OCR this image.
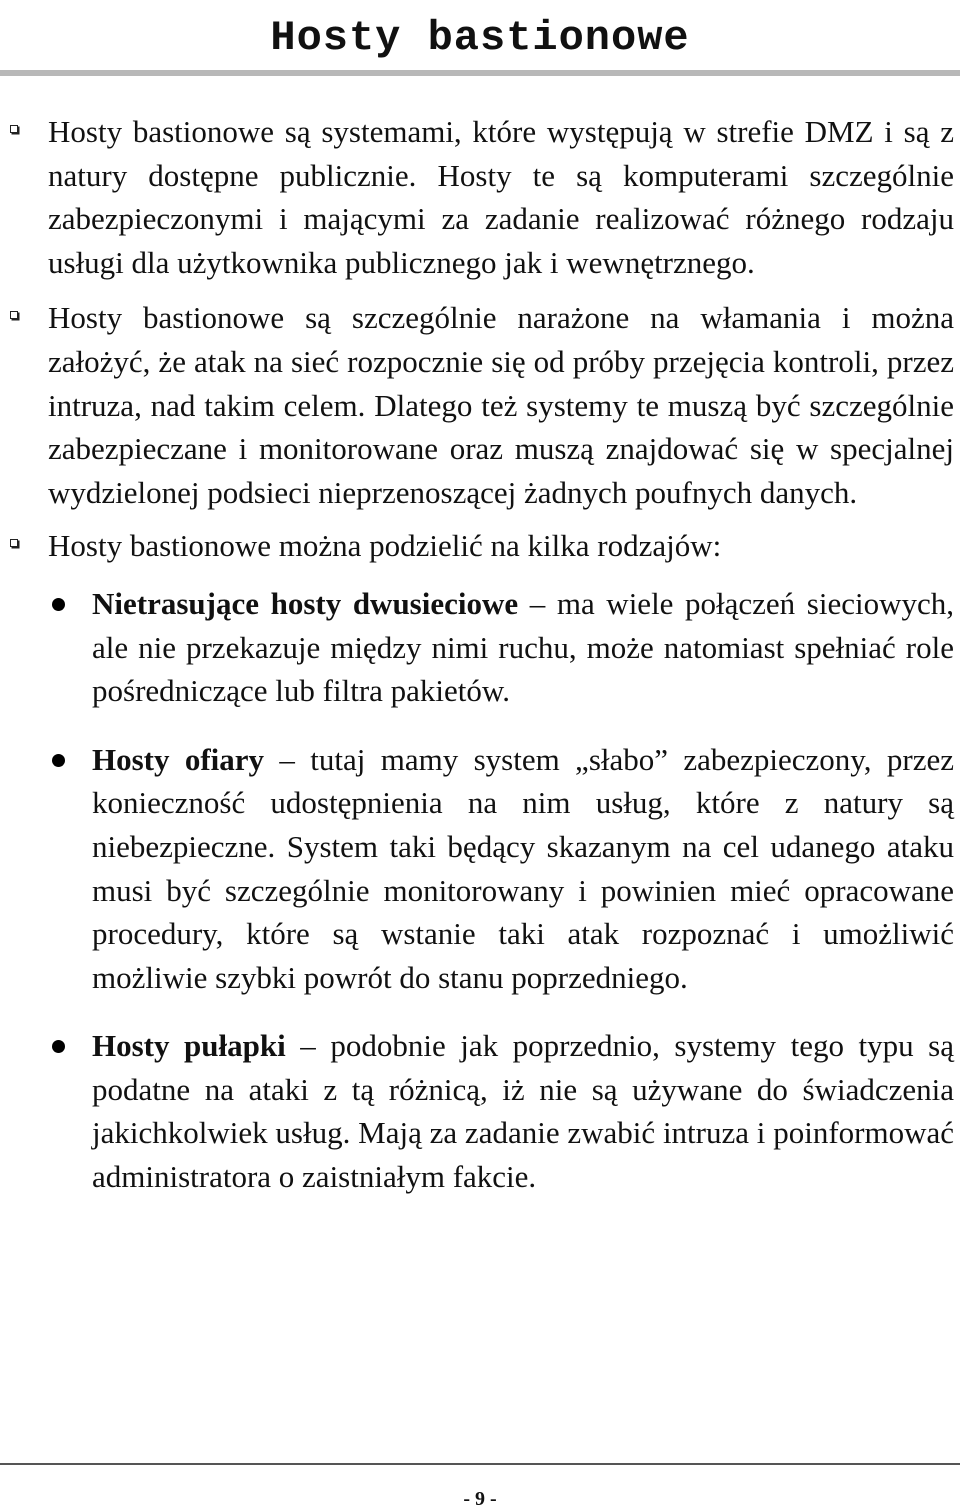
Hosty bastionowe
Hosty bastionowe są systemami, które występują w strefie DMZ i są z natury dostępne publicznie. Hosty te są komputerami szczególnie zabezpieczonymi i mającymi za zadanie realizować różnego rodzaju usługi dla użytkownika publicznego jak i wewnętrznego.
Hosty bastionowe są szczególnie narażone na włamania i można założyć, że atak na sieć rozpocznie się od próby przejęcia kontroli, przez intruza, nad takim celem. Dlatego też systemy te muszą być szczególnie zabezpieczane i monitorowane oraz muszą znajdować się w specjalnej wydzielonej podsieci nieprzenoszącej żadnych poufnych danych.
Hosty bastionowe można podzielić na kilka rodzajów:
Nietrasujące hosty dwusieciowe – ma wiele połączeń sieciowych, ale nie przekazuje między nimi ruchu, może natomiast spełniać role pośredniczące lub filtra pakietów.
Hosty ofiary – tutaj mamy system „słabo” zabezpieczony, przez konieczność udostępnienia na nim usług, które z natury są niebezpieczne. System taki będący skazanym na cel udanego ataku musi być szczególnie monitorowany i powinien mieć opracowane procedury, które są wstanie taki atak rozpoznać i umożliwić możliwie szybki powrót do stanu poprzedniego.
Hosty pułapki – podobnie jak poprzednio, systemy tego typu są podatne na ataki z tą różnicą, iż nie są używane do świadczenia jakichkolwiek usług. Mają za zadanie zwabić intruza i poinformować administratora o zaistniałym fakcie.
- 9 -
